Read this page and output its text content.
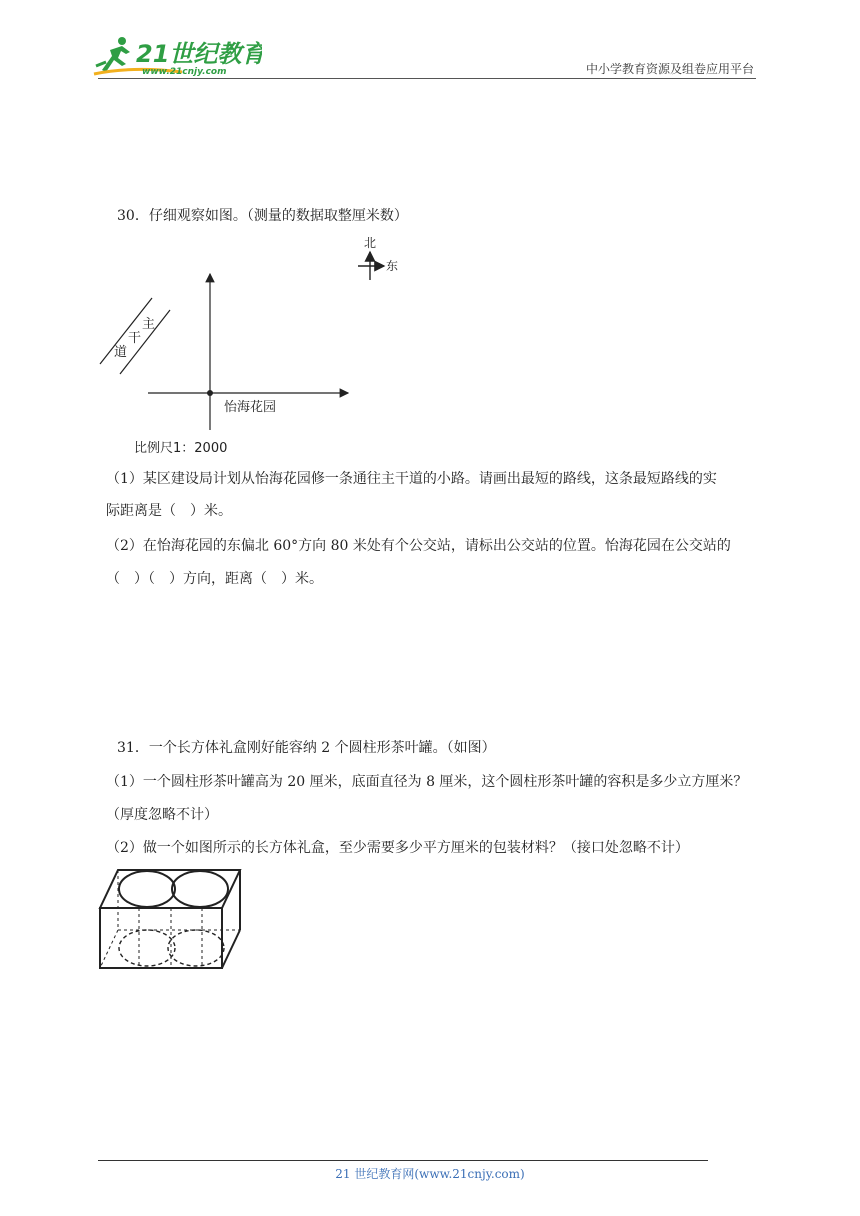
21世纪教育
www.21cnjy.com	中小学教育资源及组卷应用平台
30．仔细观察如图。（测量的数据取整厘米数）
北
东
主
干
道
怡海花园
比例尺1：2000
（1）某区建设局计划从怡海花园修一条通往主干道的小路。请画出最短的路线，这条最短路线的实
际距离是（　）米。
（2）在怡海花园的东偏北 60°方向 80 米处有个公交站，请标出公交站的位置。怡海花园在公交站的
（　）（　）方向，距离（　）米。
31．一个长方体礼盒刚好能容纳 2 个圆柱形茶叶罐。（如图）
（1）一个圆柱形茶叶罐高为 20 厘米，底面直径为 8 厘米，这个圆柱形茶叶罐的容积是多少立方厘米？
（厚度忽略不计）
（2）做一个如图所示的长方体礼盒，至少需要多少平方厘米的包装材料？（接口处忽略不计）
21 世纪教育网(www.21cnjy.com)
